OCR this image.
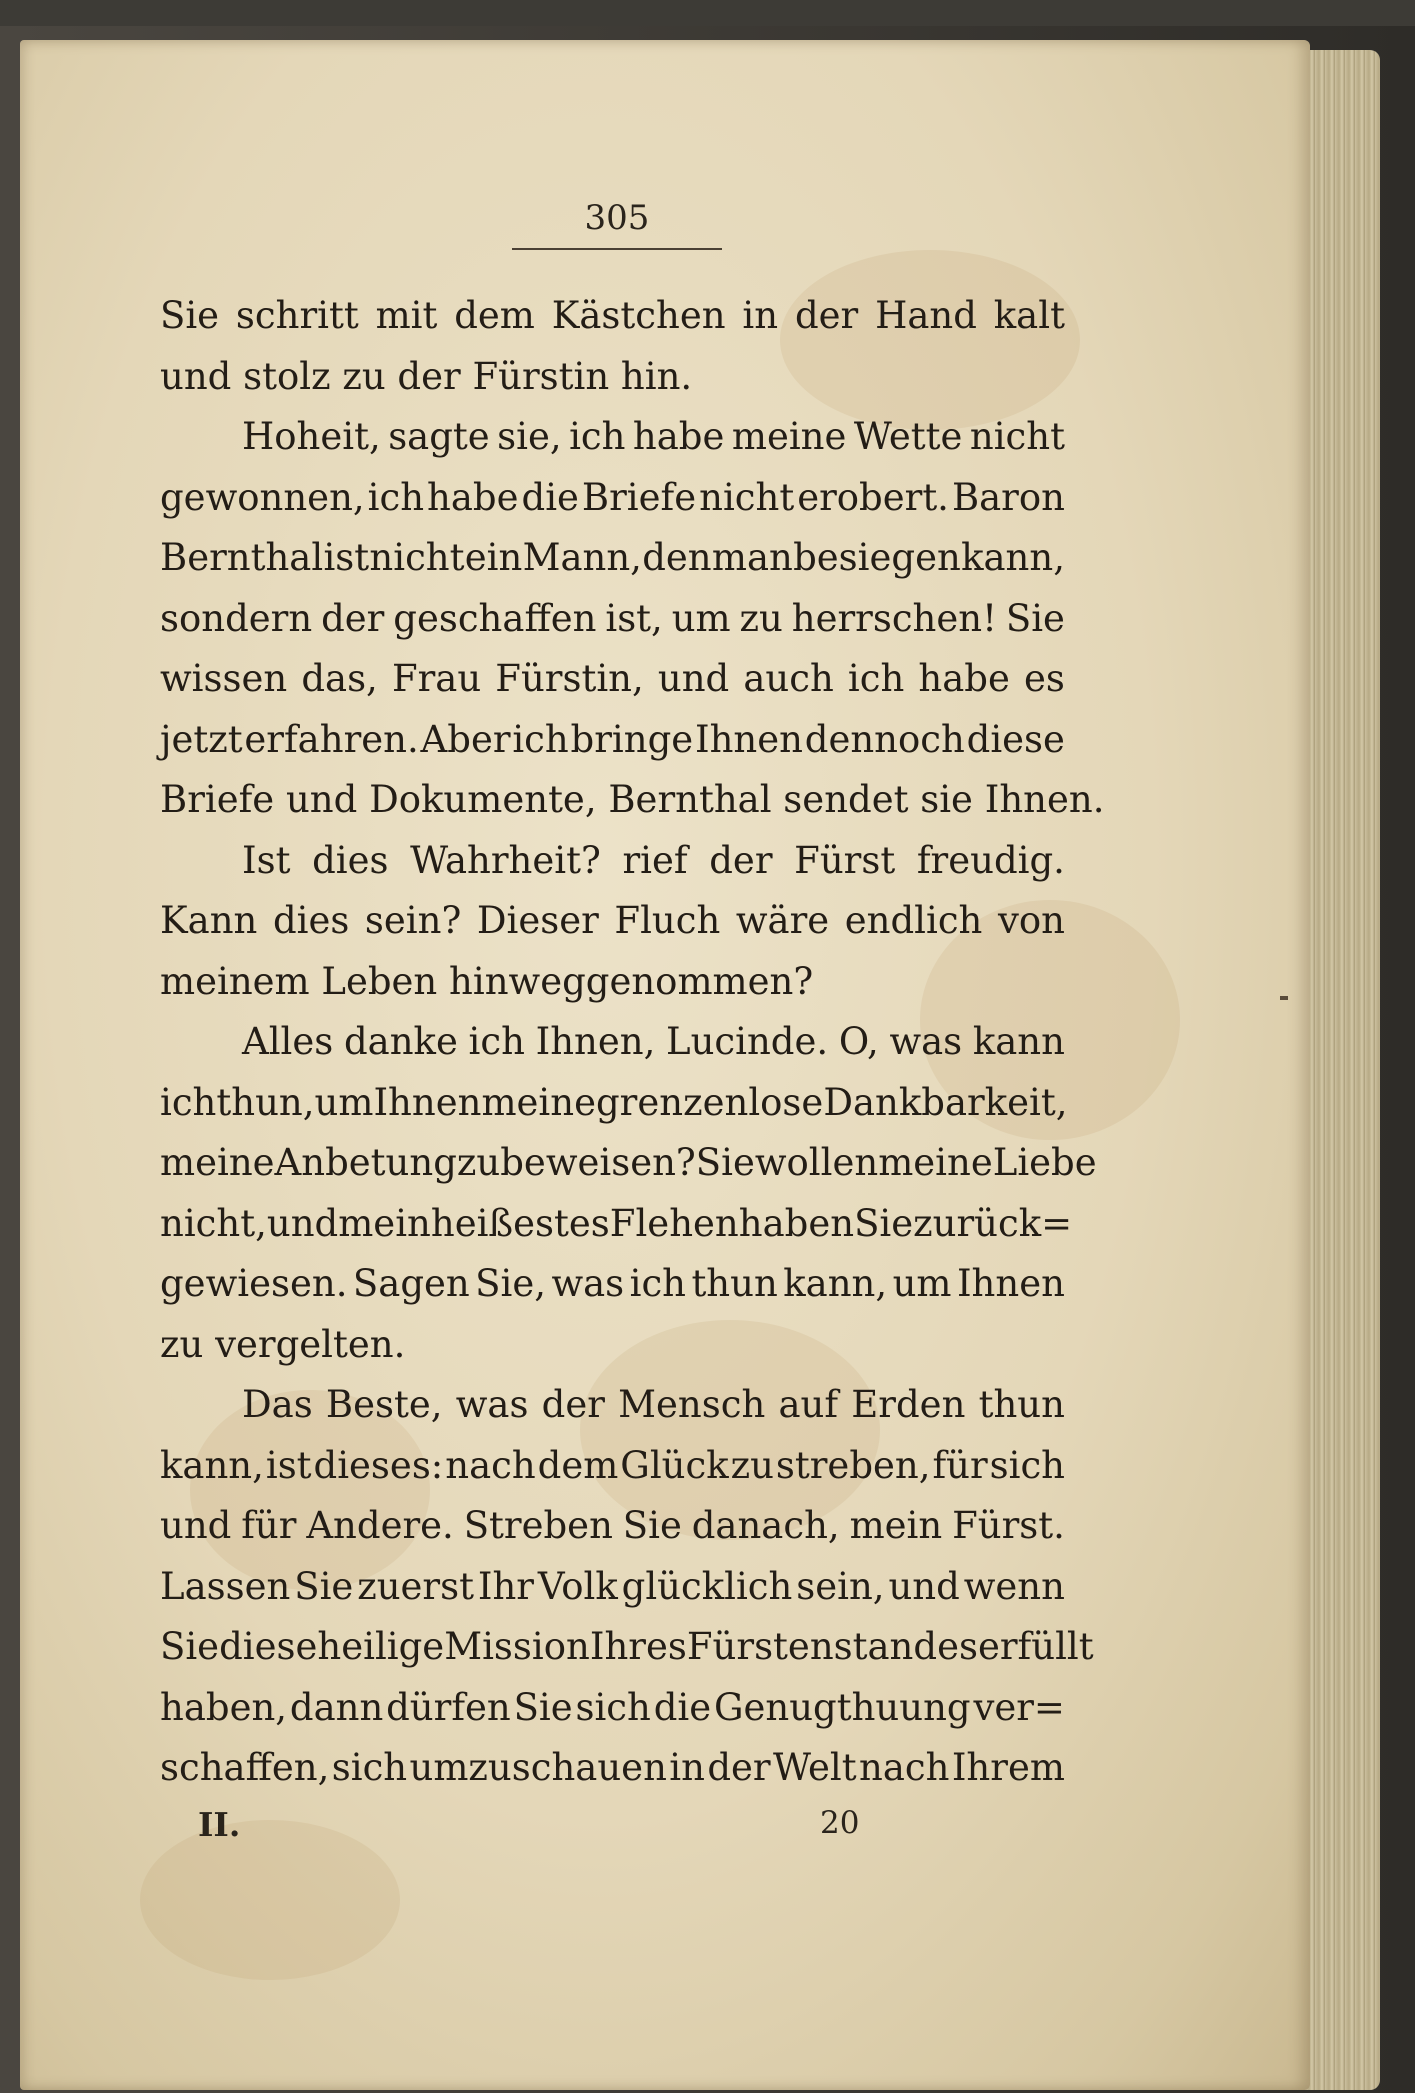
305
Sie schritt mit dem Kästchen in der Hand kalt
und stolz zu der Fürstin hin.
Hoheit, sagte sie, ich habe meine Wette nicht
gewonnen, ich habe die Briefe nicht erobert. Baron
Bernthal ist nicht ein Mann, den man besiegen kann,
sondern der geschaffen ist, um zu herrschen! Sie
wissen das, Frau Fürstin, und auch ich habe es
jetzt erfahren. Aber ich bringe Ihnen dennoch diese
Briefe und Dokumente, Bernthal sendet sie Ihnen.
Ist dies Wahrheit? rief der Fürst freudig.
Kann dies sein? Dieser Fluch wäre endlich von
meinem Leben hinweggenommen?
Alles danke ich Ihnen, Lucinde. O, was kann
ich thun, um Ihnen meine grenzenlose Dankbarkeit,
meine Anbetung zu beweisen? Sie wollen meine Liebe
nicht, und mein heißestes Flehen haben Sie zurück=
gewiesen. Sagen Sie, was ich thun kann, um Ihnen
zu vergelten.
Das Beste, was der Mensch auf Erden thun
kann, ist dieses: nach dem Glück zu streben, für sich
und für Andere. Streben Sie danach, mein Fürst.
Lassen Sie zuerst Ihr Volk glücklich sein, und wenn
Sie diese heilige Mission Ihres Fürstenstandes erfüllt
haben, dann dürfen Sie sich die Genugthuung ver=
schaffen, sich umzuschauen in der Welt nach Ihrem
II.	20
